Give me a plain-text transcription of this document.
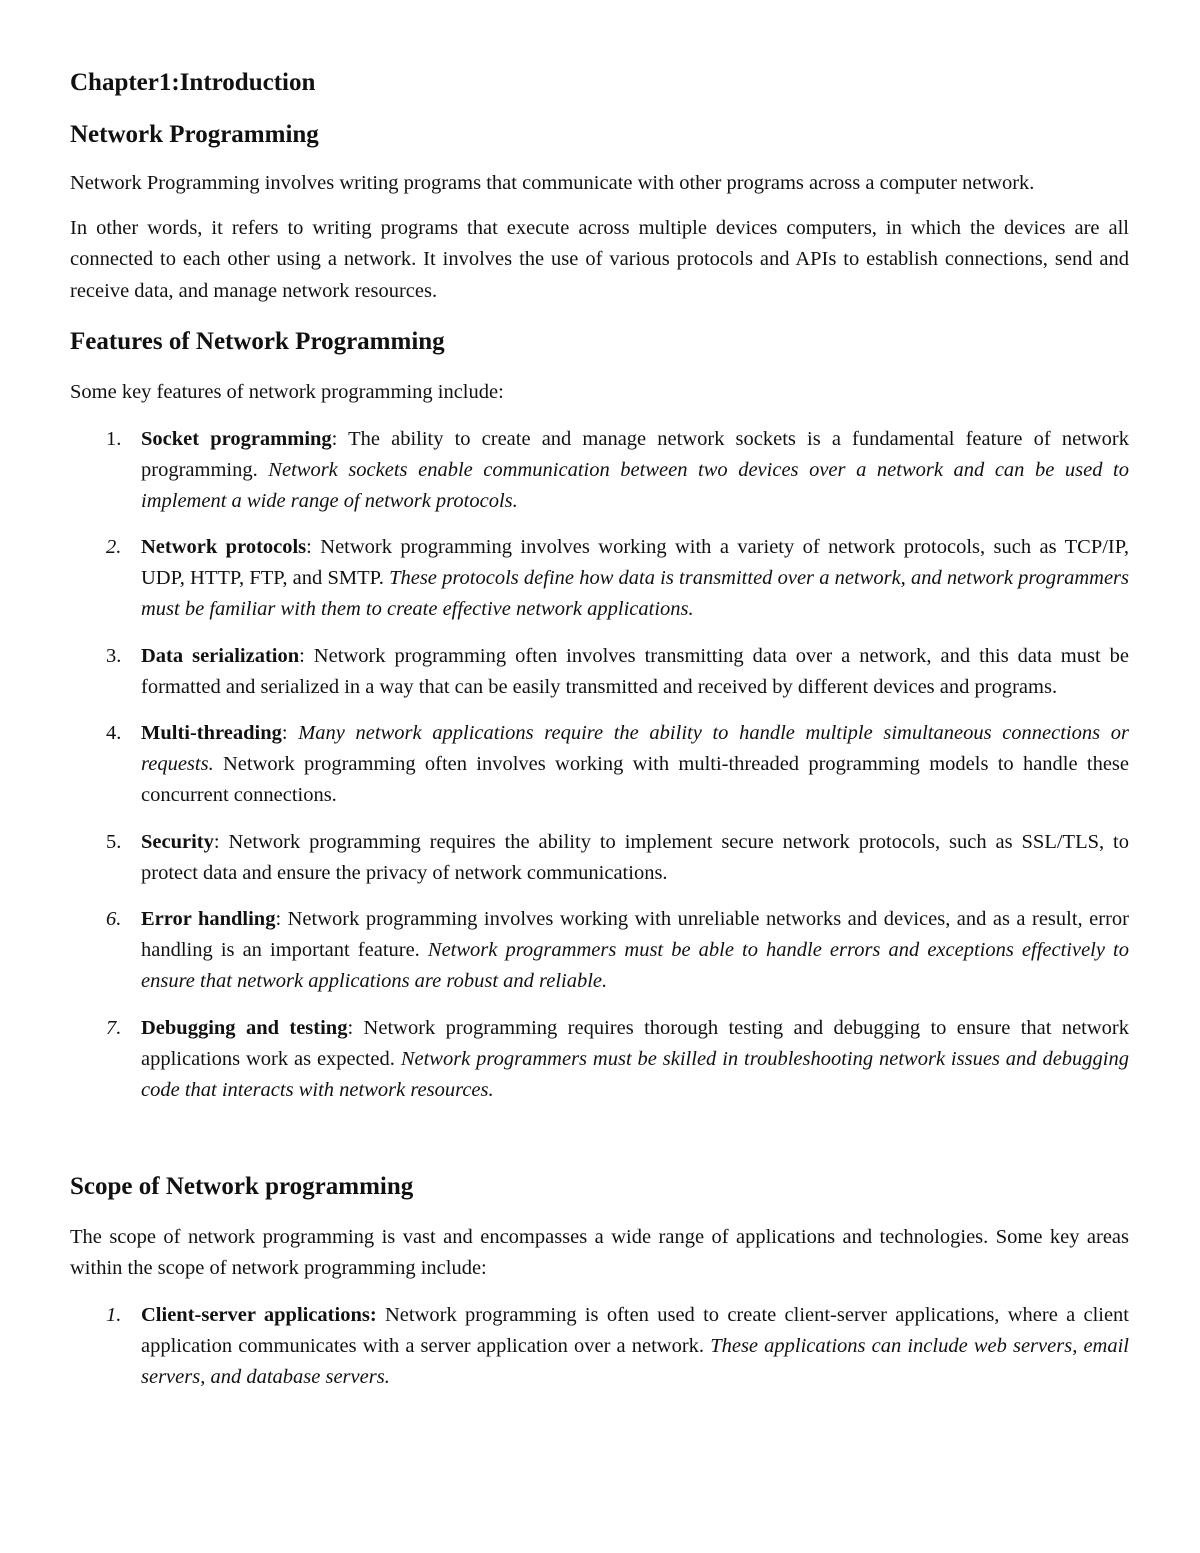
Chapter1:Introduction
Network Programming

Network Programming involves writing programs that communicate with other programs across a computer network.

In other words, it refers to writing programs that execute across multiple devices computers, in which the devices are all connected to each other using a network. It involves the use of various protocols and APIs to establish connections, send and receive data, and manage network resources.

Features of Network Programming

Some key features of network programming include:

1. Socket programming: The ability to create and manage network sockets is a fundamental feature of network programming. Network sockets enable communication between two devices over a network and can be used to implement a wide range of network protocols.
2. Network protocols: Network programming involves working with a variety of network protocols, such as TCP/IP, UDP, HTTP, FTP, and SMTP. These protocols define how data is transmitted over a network, and network programmers must be familiar with them to create effective network applications.
3. Data serialization: Network programming often involves transmitting data over a network, and this data must be formatted and serialized in a way that can be easily transmitted and received by different devices and programs.
4. Multi-threading: Many network applications require the ability to handle multiple simultaneous connections or requests. Network programming often involves working with multi-threaded programming models to handle these concurrent connections.
5. Security: Network programming requires the ability to implement secure network protocols, such as SSL/TLS, to protect data and ensure the privacy of network communications.
6. Error handling: Network programming involves working with unreliable networks and devices, and as a result, error handling is an important feature. Network programmers must be able to handle errors and exceptions effectively to ensure that network applications are robust and reliable.
7. Debugging and testing: Network programming requires thorough testing and debugging to ensure that network applications work as expected. Network programmers must be skilled in troubleshooting network issues and debugging code that interacts with network resources.
Scope of Network programming

The scope of network programming is vast and encompasses a wide range of applications and technologies. Some key areas within the scope of network programming include:

1. Client-server applications: Network programming is often used to create client-server applications, where a client application communicates with a server application over a network. These applications can include web servers, email servers, and database servers.
